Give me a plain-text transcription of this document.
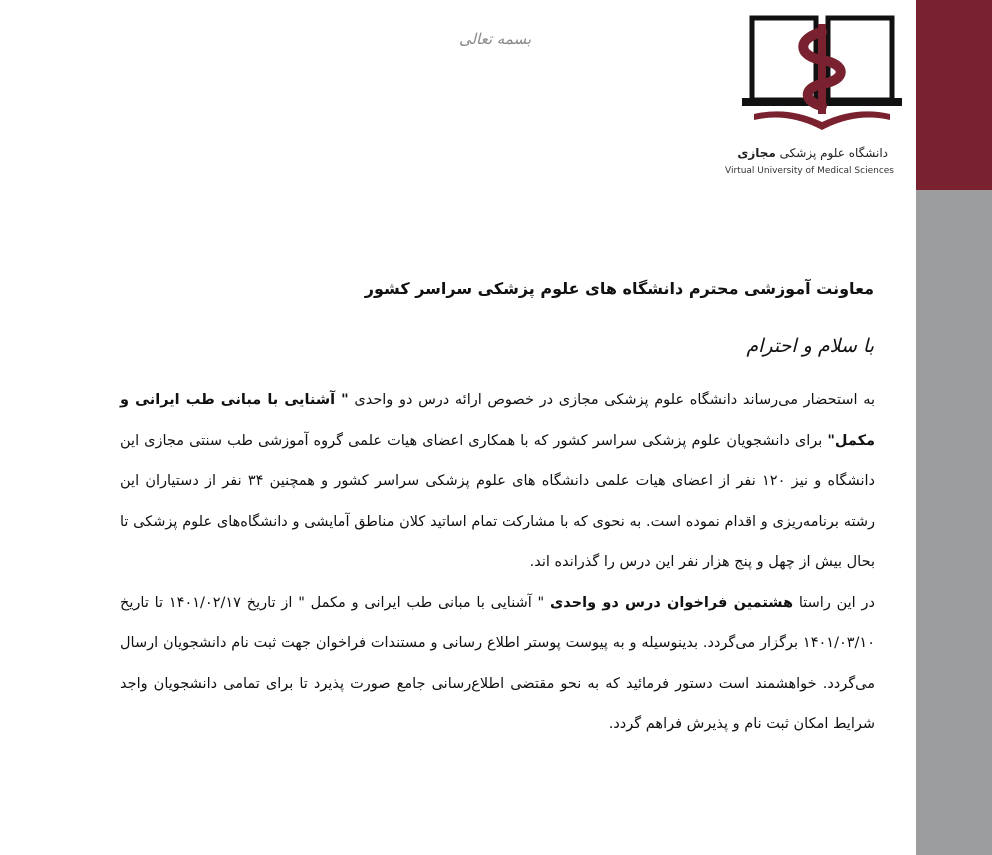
بسمه تعالی
دانشگاه علوم پزشکی مجازی
Virtual University of Medical Sciences
معاونت آموزشی محترم دانشگاه های علوم پزشکی سراسر کشور
با سلام و احترام

به استحضار می‌رساند دانشگاه علوم پزشکی مجازی در خصوص ارائه درس دو واحدی " آشنایی با مبانی طب ایرانی و مکمل" برای دانشجویان علوم پزشکی سراسر کشور که با همکاری اعضای هیات علمی گروه آموزشی طب سنتی مجازی این دانشگاه و نیز ۱۲۰ نفر از اعضای هیات علمی دانشگاه های علوم پزشکی سراسر کشور و همچنین ۳۴ نفر از دستیاران این رشته برنامه‌ریزی و اقدام نموده است. به نحوی که با مشارکت تمام اساتید کلان مناطق آمایشی و دانشگاه‌های علوم پزشکی تا بحال بیش از چهل و پنج هزار نفر این درس را گذرانده اند.

در این راستا هشتمین فراخوان درس دو واحدی " آشنایی با مبانی طب ایرانی و مکمل " از تاریخ ۱۴۰۱/۰۲/۱۷ تا تاریخ ۱۴۰۱/۰۳/۱۰ برگزار می‌گردد. بدینوسیله و به پیوست پوستر اطلاع رسانی و مستندات فراخوان جهت ثبت نام دانشجویان ارسال می‌گردد. خواهشمند است دستور فرمائید که به نحو مقتضی اطلاع‌رسانی جامع صورت پذیرد تا برای تمامی دانشجویان واجد شرایط امکان ثبت نام و پذیرش فراهم گردد.
